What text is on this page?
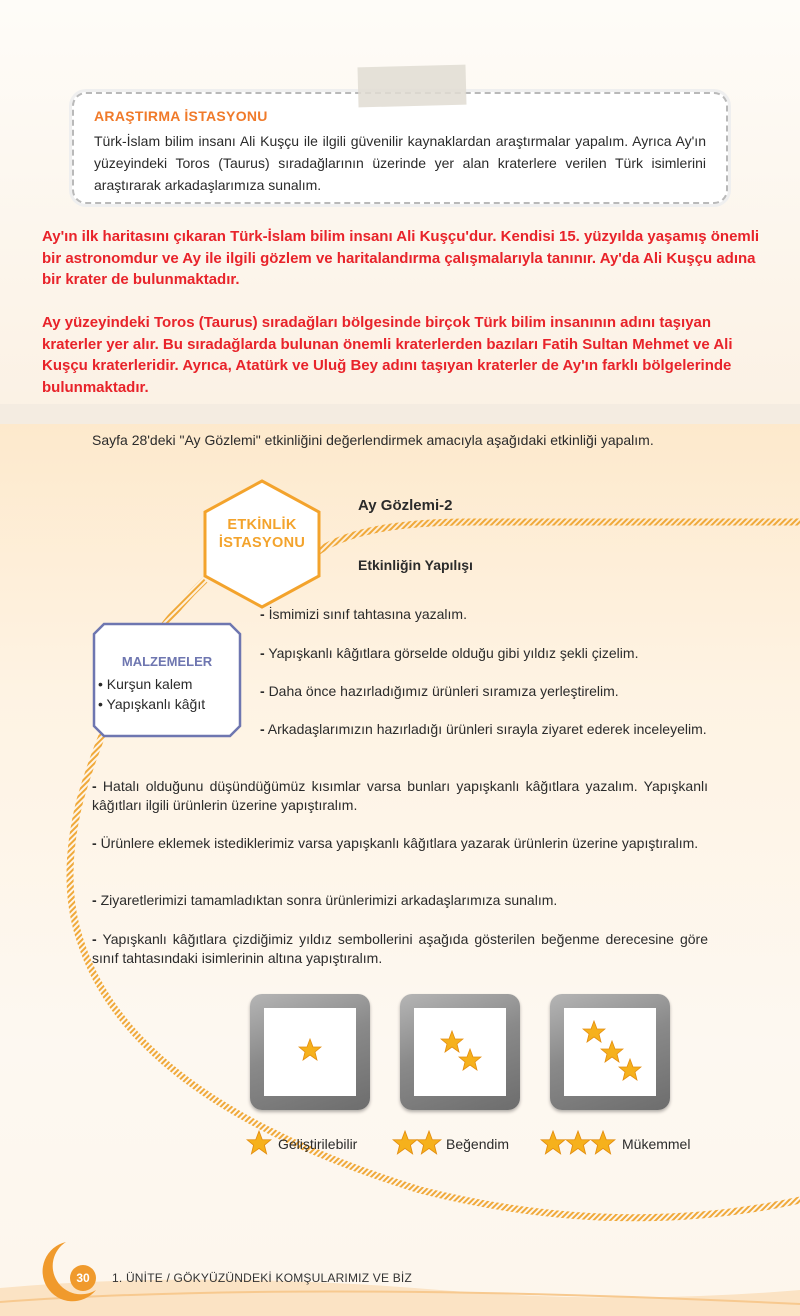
ARAŞTIRMA İSTASYONU
Türk-İslam bilim insanı Ali Kuşçu ile ilgili güvenilir kaynaklardan araştırmalar yapalım. Ayrıca Ay'ın yüzeyindeki Toros (Taurus) sıradağlarının üzerinde yer alan kraterlere verilen Türk isimlerini araştırarak arkadaşlarımıza sunalım.
Ay'ın ilk haritasını çıkaran Türk-İslam bilim insanı Ali Kuşçu'dur. Kendisi 15. yüzyılda yaşamış önemli bir astronomdur ve Ay ile ilgili gözlem ve haritalandırma çalışmalarıyla tanınır. Ay'da Ali Kuşçu adına bir krater de bulunmaktadır.
Ay yüzeyindeki Toros (Taurus) sıradağları bölgesinde birçok Türk bilim insanının adını taşıyan kraterler yer alır. Bu sıradağlarda bulunan önemli kraterlerden bazıları Fatih Sultan Mehmet ve Ali Kuşçu kraterleridir. Ayrıca, Atatürk ve Uluğ Bey adını taşıyan kraterler de Ay'ın farklı bölgelerinde bulunmaktadır.
Sayfa 28'deki "Ay Gözlemi" etkinliğini değerlendirmek amacıyla aşağıdaki etkinliği yapalım.
ETKİNLİK
İSTASYONU
Ay Gözlemi-2
Etkinliğin Yapılışı
MALZEMELER
• Kurşun kalem
• Yapışkanlı kâğıt
- İsmimizi sınıf tahtasına yazalım.
- Yapışkanlı kâğıtlara görselde olduğu gibi yıldız şekli çizelim.
- Daha önce hazırladığımız ürünleri sıramıza yerleştirelim.
- Arkadaşlarımızın hazırladığı ürünleri sırayla ziyaret ederek inceleyelim.
- Hatalı olduğunu düşündüğümüz kısımlar varsa bunları yapışkanlı kâğıtlara yazalım. Yapışkanlı kâğıtları ilgili ürünlerin üzerine yapıştıralım.
- Ürünlere eklemek istediklerimiz varsa yapışkanlı kâğıtlara yazarak ürünlerin üzerine yapıştıralım.
- Ziyaretlerimizi tamamladıktan sonra ürünlerimizi arkadaşlarımıza sunalım.
- Yapışkanlı kâğıtlara çizdiğimiz yıldız sembollerini aşağıda gösterilen beğenme derecesine göre sınıf tahtasındaki isimlerinin altına yapıştıralım.
Geliştirilebilir	Beğendim	Mükemmel
30	1. ÜNİTE / GÖKYÜZÜNDEKİ KOMŞULARIMIZ VE BİZ
